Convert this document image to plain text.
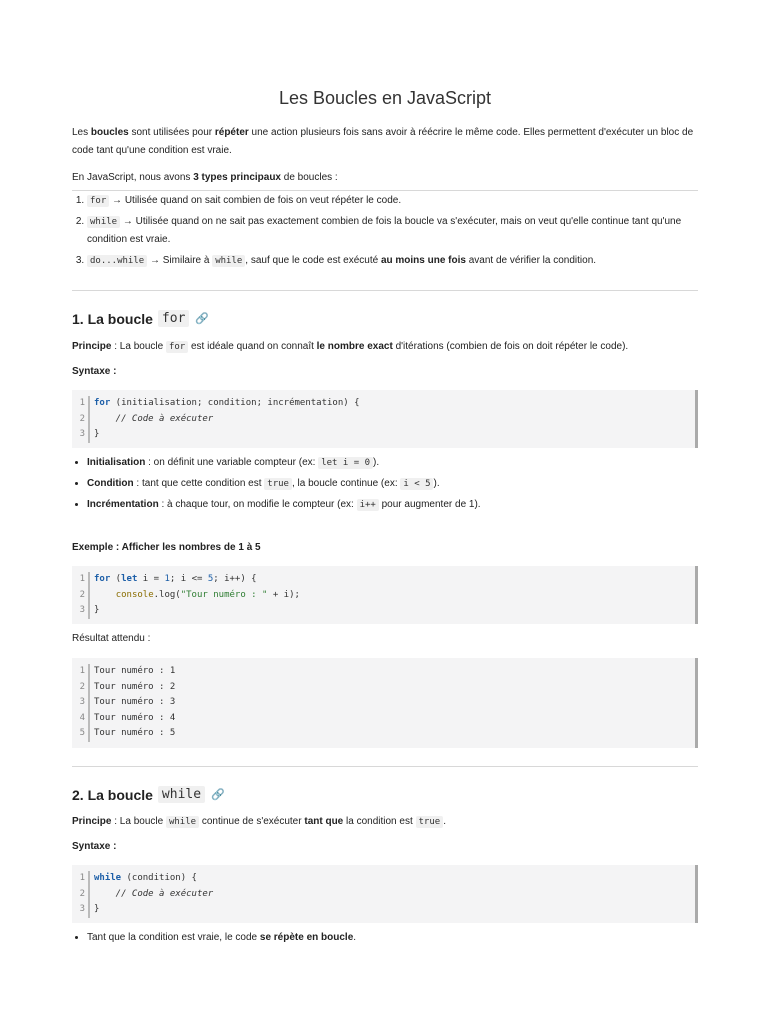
Les Boucles en JavaScript

Les boucles sont utilisées pour répéter une action plusieurs fois sans avoir à réécrire le même code. Elles permettent d'exécuter un bloc de code tant qu'une condition est vraie.

En JavaScript, nous avons 3 types principaux de boucles :

1. for → Utilisée quand on sait combien de fois on veut répéter le code.
2. while → Utilisée quand on ne sait pas exactement combien de fois la boucle va s'exécuter, mais on veut qu'elle continue tant qu'une condition est vraie.
3. do...while → Similaire à while , sauf que le code est exécuté au moins une fois avant de vérifier la condition.
1. La boucle for 🔗

Principe : La boucle for est idéale quand on connaît le nombre exact d'itérations (combien de fois on doit répéter le code).

Syntaxe :

1	for (initialisation; condition; incrémentation) {
2	// Code à exécuter
3	}
• Initialisation : on définit une variable compteur (ex: let i = 0 ).
• Condition : tant que cette condition est true , la boucle continue (ex: i < 5 ).
• Incrémentation : à chaque tour, on modifie le compteur (ex: i++ pour augmenter de 1).

Exemple : Afficher les nombres de 1 à 5

1	for (let i = 1; i <= 5; i++) {
2	console.log("Tour numéro : " + i);
3	}

Résultat attendu :

1	Tour numéro : 1
2	Tour numéro : 2
3	Tour numéro : 3
4	Tour numéro : 4
5	Tour numéro : 5
2. La boucle while 🔗

Principe : La boucle while continue de s'exécuter tant que la condition est true .

Syntaxe :

1	while (condition) {
2	// Code à exécuter
3	}
• Tant que la condition est vraie, le code se répète en boucle.
